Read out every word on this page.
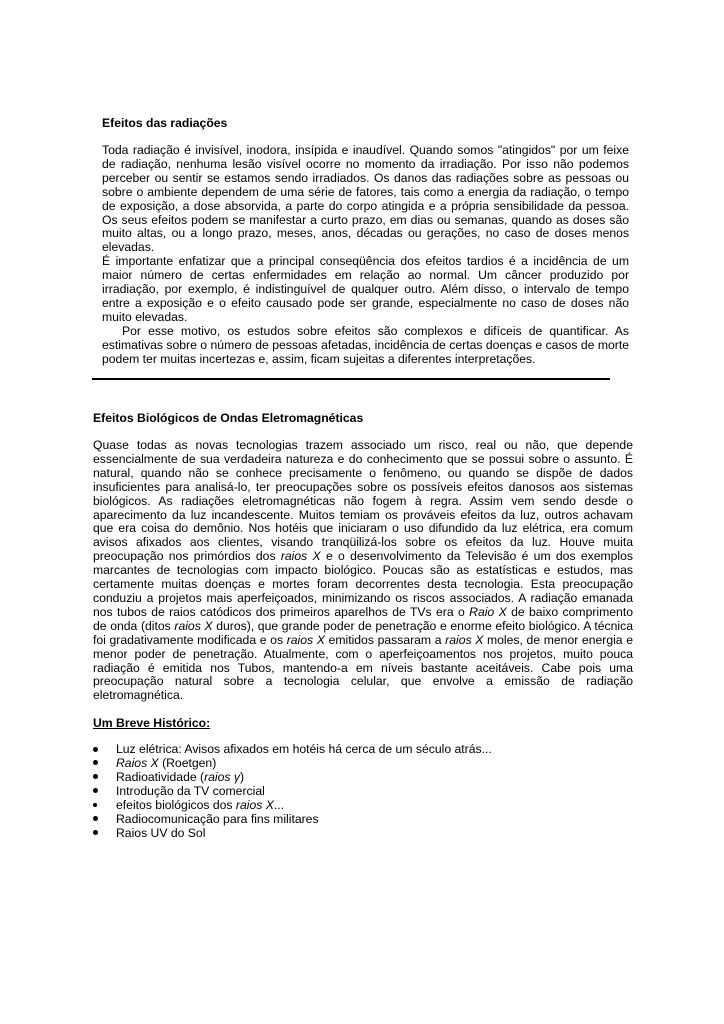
Efeitos das radiações

Toda radiação é invisível, inodora, insípida e inaudível. Quando somos "atingidos" por um feixe de radiação, nenhuma lesão visível ocorre no momento da irradiação. Por isso não podemos perceber ou sentir se estamos sendo irradiados. Os danos das radiações sobre as pessoas ou sobre o ambiente dependem de uma série de fatores, tais como a energia da radiação, o tempo de exposição, a dose absorvida, a parte do corpo atingida e a própria sensibilidade da pessoa. Os seus efeitos podem se manifestar a curto prazo, em dias ou semanas, quando as doses são muito altas, ou a longo prazo, meses, anos, décadas ou gerações, no caso de doses menos elevadas.

É importante enfatizar que a principal conseqüência dos efeitos tardios é a incidência de um maior número de certas enfermidades em relação ao normal. Um câncer produzido por irradiação, por exemplo, é indistinguível de qualquer outro. Além disso, o intervalo de tempo entre a exposição e o efeito causado pode ser grande, especialmente no caso de doses não muito elevadas.

Por esse motivo, os estudos sobre efeitos são complexos e difíceis de quantificar. As estimativas sobre o número de pessoas afetadas, incidência de certas doenças e casos de morte podem ter muitas incertezas e, assim, ficam sujeitas a diferentes interpretações.

Efeitos Biológicos de Ondas Eletromagnéticas

Quase todas as novas tecnologias trazem associado um risco, real ou não, que depende essencialmente de sua verdadeira natureza e do conhecimento que se possui sobre o assunto. É natural, quando não se conhece precisamente o fenômeno, ou quando se dispõe de dados insuficientes para analisá-lo, ter preocupações sobre os possíveis efeitos danosos aos sistemas biológicos. As radiações eletromagnéticas não fogem à regra. Assim vem sendo desde o aparecimento da luz incandescente. Muitos temiam os prováveis efeitos da luz, outros achavam que era coisa do demônio. Nos hotéis que iniciaram o uso difundido da luz elétrica, era comum avisos afixados aos clientes, visando tranqüilizá-los sobre os efeitos da luz. Houve muita preocupação nos primórdios dos raios X e o desenvolvimento da Televisão é um dos exemplos marcantes de tecnologias com impacto biológico. Poucas são as estatísticas e estudos, mas certamente muitas doenças e mortes foram decorrentes desta tecnologia. Esta preocupação conduziu a projetos mais aperfeiçoados, minimizando os riscos associados. A radiação emanada nos tubos de raios catódicos dos primeiros aparelhos de TVs era o Raio X de baixo comprimento de onda (ditos raios X duros), que grande poder de penetração e enorme efeito biológico. A técnica foi gradativamente modificada e os raios X emitidos passaram a raios X moles, de menor energia e menor poder de penetração. Atualmente, com o aperfeiçoamentos nos projetos, muito pouca radiação é emitida nos Tubos, mantendo-a em níveis bastante aceitáveis. Cabe pois uma preocupação natural sobre a tecnologia celular, que envolve a emissão de radiação eletromagnética.

Um Breve Histórico:
Luz elétrica: Avisos afixados em hotéis há cerca de um século atrás...
Raios X (Roetgen)
Radioatividade (raios γ)
Introdução da TV comercial
efeitos biológicos dos raios X...
Radiocomunicação para fins militares
Raios UV do Sol
